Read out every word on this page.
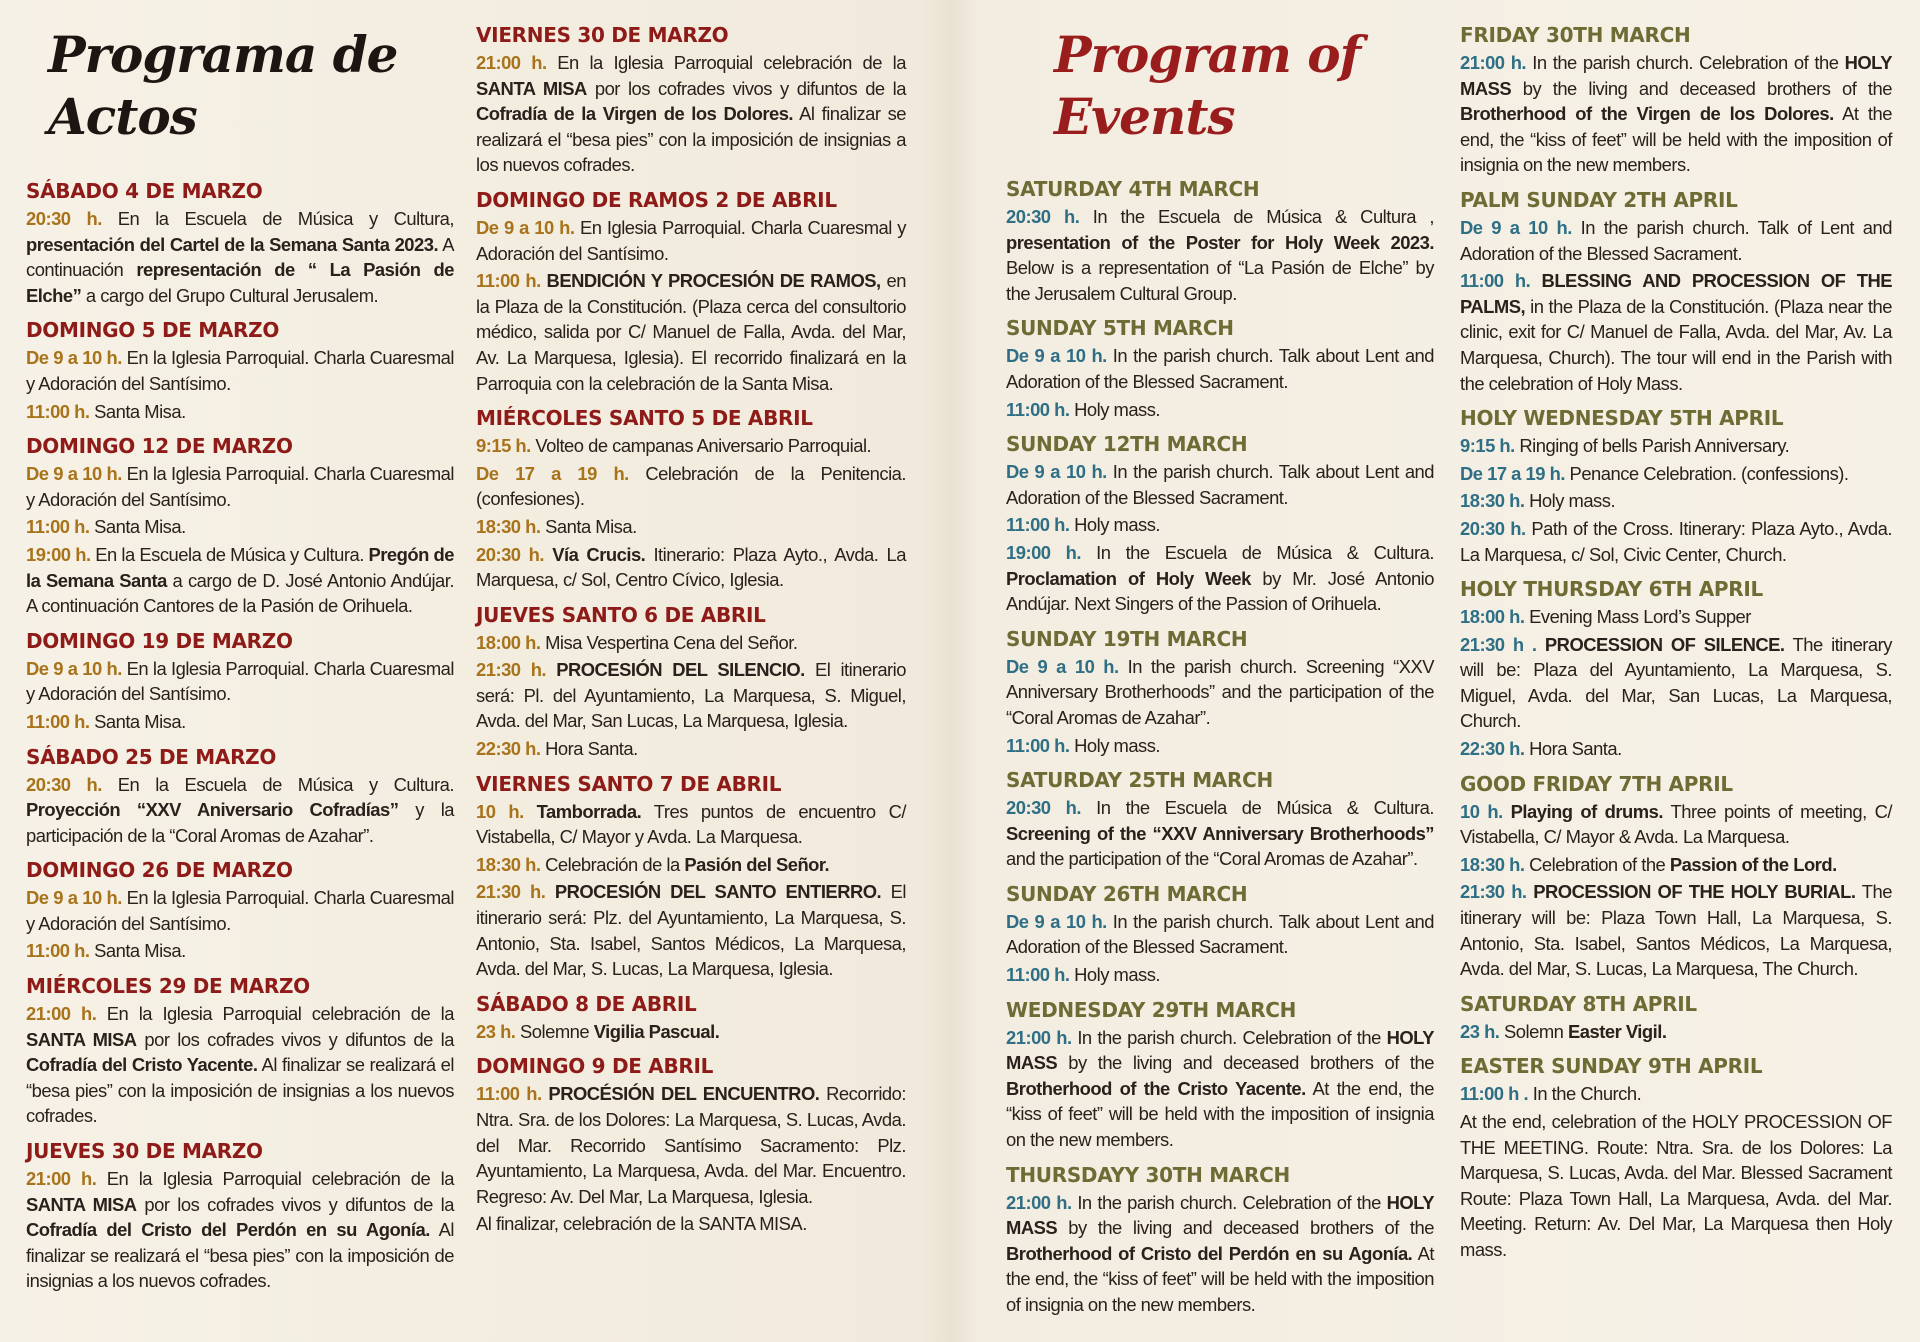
Programa de Actos
SÁBADO 4 DE MARZO
20:30 h. En la Escuela de Música y Cultura, presentación del Cartel de la Semana Santa 2023. A continuación representación de “ La Pasión de Elche” a cargo del Grupo Cultural Jerusalem.
DOMINGO 5 DE MARZO
De 9 a 10 h. En la Iglesia Parroquial. Charla Cuaresmal y Adoración del Santísimo.
11:00 h. Santa Misa.
DOMINGO 12 DE MARZO
De 9 a 10 h. En la Iglesia Parroquial. Charla Cuaresmal y Adoración del Santísimo.
11:00 h. Santa Misa.
19:00 h. En la Escuela de Música y Cultura. Pregón de la Semana Santa a cargo de D. José Antonio Andújar. A continuación Cantores de la Pasión de Orihuela.
DOMINGO 19 DE MARZO
De 9 a 10 h. En la Iglesia Parroquial. Charla Cuaresmal y Adoración del Santísimo.
11:00 h. Santa Misa.
SÁBADO 25 DE MARZO
20:30 h. En la Escuela de Música y Cultura. Proyección “XXV Aniversario Cofradías” y la participación de la “Coral Aromas de Azahar”.
DOMINGO 26 DE MARZO
De 9 a 10 h. En la Iglesia Parroquial. Charla Cuaresmal y Adoración del Santísimo.
11:00 h. Santa Misa.
MIÉRCOLES 29 DE MARZO
21:00 h. En la Iglesia Parroquial celebración de la SANTA MISA por los cofrades vivos y difuntos de la Cofradía del Cristo Yacente. Al finalizar se realizará el “besa pies” con la imposición de insignias a los nuevos cofrades.
JUEVES 30 DE MARZO
21:00 h. En la Iglesia Parroquial celebración de la SANTA MISA por los cofrades vivos y difuntos de la Cofradía del Cristo del Perdón en su Agonía. Al finalizar se realizará el “besa pies” con la imposición de insignias a los nuevos cofrades.
VIERNES 30 DE MARZO
21:00 h. En la Iglesia Parroquial celebración de la SANTA MISA por los cofrades vivos y difuntos de la Cofradía de la Virgen de los Dolores. Al finalizar se realizará el “besa pies” con la imposición de insignias a los nuevos cofrades.
DOMINGO DE RAMOS 2 DE ABRIL
De 9 a 10 h. En Iglesia Parroquial. Charla Cuaresmal y Adoración del Santísimo.
11:00 h. BENDICIÓN Y PROCESIÓN DE RAMOS, en la Plaza de la Constitución. (Plaza cerca del consultorio médico, salida por C/ Manuel de Falla, Avda. del Mar, Av. La Marquesa, Iglesia). El recorrido finalizará en la Parroquia con la celebración de la Santa Misa.
MIÉRCOLES SANTO 5 DE ABRIL
9:15 h. Volteo de campanas Aniversario Parroquial.
De 17 a 19 h. Celebración de la Penitencia. (confesiones).
18:30 h. Santa Misa.
20:30 h. Vía Crucis. Itinerario: Plaza Ayto., Avda. La Marquesa, c/ Sol, Centro Cívico, Iglesia.
JUEVES SANTO 6 DE ABRIL
18:00 h. Misa Vespertina Cena del Señor.
21:30 h. PROCESIÓN DEL SILENCIO. El itinerario será: Pl. del Ayuntamiento, La Marquesa, S. Miguel, Avda. del Mar, San Lucas, La Marquesa, Iglesia.
22:30 h. Hora Santa.
VIERNES SANTO 7 DE ABRIL
10 h. Tamborrada. Tres puntos de encuentro C/ Vistabella, C/ Mayor y Avda. La Marquesa.
18:30 h. Celebración de la Pasión del Señor.
21:30 h. PROCESIÓN DEL SANTO ENTIERRO. El itinerario será: Plz. del Ayuntamiento, La Marquesa, S. Antonio, Sta. Isabel, Santos Médicos, La Marquesa, Avda. del Mar, S. Lucas, La Marquesa, Iglesia.
SÁBADO 8 DE ABRIL
23 h. Solemne Vigilia Pascual.
DOMINGO 9 DE ABRIL
11:00 h. PROCÉSIÓN DEL ENCUENTRO. Recorrido: Ntra. Sra. de los Dolores: La Marquesa, S. Lucas, Avda. del Mar. Recorrido Santísimo Sacramento: Plz. Ayuntamiento, La Marquesa, Avda. del Mar. Encuentro. Regreso: Av. Del Mar, La Marquesa, Iglesia.
Al finalizar, celebración de la SANTA MISA.
Program of Events
SATURDAY 4TH MARCH
20:30 h. In the Escuela de Música & Cultura , presentation of the Poster for Holy Week 2023. Below is a representation of “La Pasión de Elche” by the Jerusalem Cultural Group.
SUNDAY 5TH MARCH
De 9 a 10 h. In the parish church. Talk about Lent and Adoration of the Blessed Sacrament.
11:00 h. Holy mass.
SUNDAY 12TH MARCH
De 9 a 10 h. In the parish church. Talk about Lent and Adoration of the Blessed Sacrament.
11:00 h. Holy mass.
19:00 h. In the Escuela de Música & Cultura. Proclamation of Holy Week by Mr. José Antonio Andújar. Next Singers of the Passion of Orihuela.
SUNDAY 19TH MARCH
De 9 a 10 h. In the parish church. Screening “XXV Anniversary Brotherhoods” and the participation of the “Coral Aromas de Azahar”.
11:00 h. Holy mass.
SATURDAY 25TH MARCH
20:30 h. In the Escuela de Música & Cultura. Screening of the “XXV Anniversary Brotherhoods” and the participation of the “Coral Aromas de Azahar”.
SUNDAY 26TH MARCH
De 9 a 10 h. In the parish church. Talk about Lent and Adoration of the Blessed Sacrament.
11:00 h. Holy mass.
WEDNESDAY 29TH MARCH
21:00 h. In the parish church. Celebration of the HOLY MASS by the living and deceased brothers of the Brotherhood of the Cristo Yacente. At the end, the “kiss of feet” will be held with the imposition of insignia on the new members.
THURSDAYY 30TH MARCH
21:00 h. In the parish church. Celebration of the HOLY MASS by the living and deceased brothers of the Brotherhood of Cristo del Perdón en su Agonía. At the end, the “kiss of feet” will be held with the imposition of insignia on the new members.
FRIDAY 30TH MARCH
21:00 h. In the parish church. Celebration of the HOLY MASS by the living and deceased brothers of the Brotherhood of the Virgen de los Dolores. At the end, the “kiss of feet” will be held with the imposition of insignia on the new members.
PALM SUNDAY 2TH APRIL
De 9 a 10 h. In the parish church. Talk of Lent and Adoration of the Blessed Sacrament.
11:00 h. BLESSING AND PROCESSION OF THE PALMS, in the Plaza de la Constitución. (Plaza near the clinic, exit for C/ Manuel de Falla, Avda. del Mar, Av. La Marquesa, Church). The tour will end in the Parish with the celebration of Holy Mass.
HOLY WEDNESDAY 5TH APRIL
9:15 h. Ringing of bells Parish Anniversary.
De 17 a 19 h. Penance Celebration. (confessions).
18:30 h. Holy mass.
20:30 h. Path of the Cross. Itinerary: Plaza Ayto., Avda. La Marquesa, c/ Sol, Civic Center, Church.
HOLY THURSDAY 6TH APRIL
18:00 h. Evening Mass Lord’s Supper
21:30 h . PROCESSION OF SILENCE. The itinerary will be: Plaza del Ayuntamiento, La Marquesa, S. Miguel, Avda. del Mar, San Lucas, La Marquesa, Church.
22:30 h. Hora Santa.
GOOD FRIDAY 7TH APRIL
10 h. Playing of drums. Three points of meeting, C/ Vistabella, C/ Mayor & Avda. La Marquesa.
18:30 h. Celebration of the Passion of the Lord.
21:30 h. PROCESSION OF THE HOLY BURIAL. The itinerary will be: Plaza Town Hall, La Marquesa, S. Antonio, Sta. Isabel, Santos Médicos, La Marquesa, Avda. del Mar, S. Lucas, La Marquesa, The Church.
SATURDAY 8TH APRIL
23 h. Solemn Easter Vigil.
EASTER SUNDAY 9TH APRIL
11:00 h . In the Church.
At the end, celebration of the HOLY PROCESSION OF THE MEETING. Route: Ntra. Sra. de los Dolores: La Marquesa, S. Lucas, Avda. del Mar. Blessed Sacrament Route: Plaza Town Hall, La Marquesa, Avda. del Mar. Meeting. Return: Av. Del Mar, La Marquesa then Holy mass.
